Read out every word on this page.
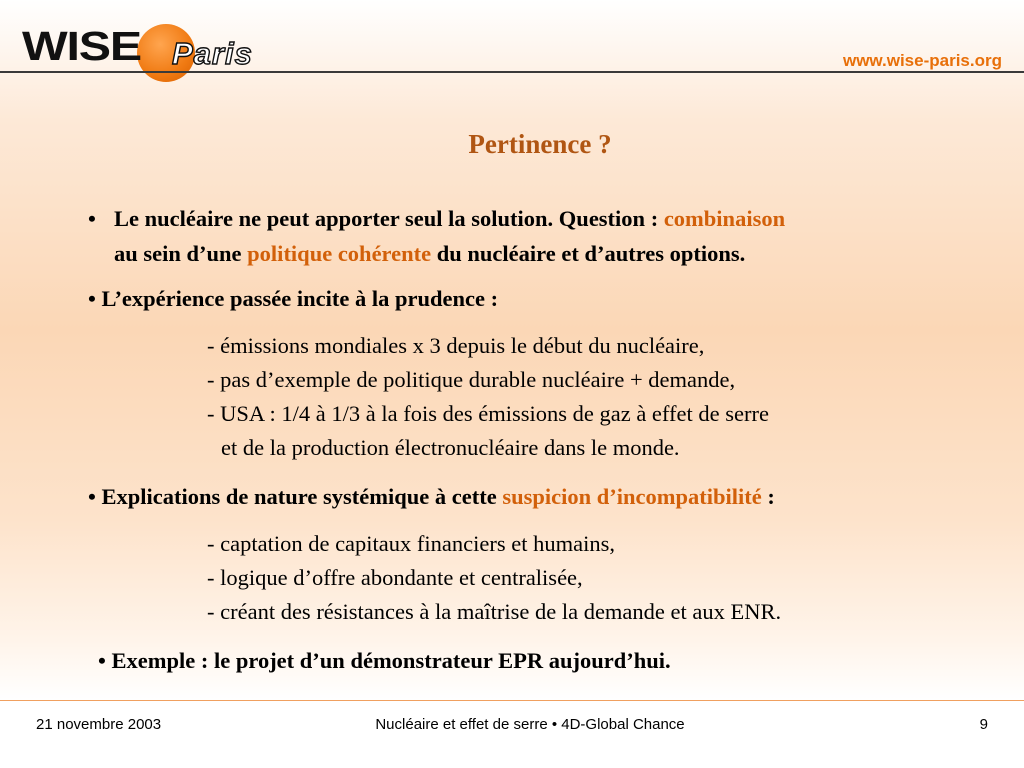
WISE Paris	www.wise-paris.org
Pertinence ?
• Le nucléaire ne peut apporter seul la solution. Question : combinaison
au sein d’une politique cohérente du nucléaire et d’autres options.
• L’expérience passée incite à la prudence :
- émissions mondiales x 3 depuis le début du nucléaire,
- pas d’exemple de politique durable nucléaire + demande,
- USA : 1/4 à 1/3 à la fois des émissions de gaz à effet de serre
et de la production électronucléaire dans le monde.
• Explications de nature systémique à cette suspicion d’incompatibilité :
- captation de capitaux financiers et humains,
- logique d’offre abondante et centralisée,
- créant des résistances à la maîtrise de la demande et aux ENR.
• Exemple : le projet d’un démonstrateur EPR aujourd’hui.
21 novembre 2003	Nucléaire et effet de serre • 4D-Global Chance	9
